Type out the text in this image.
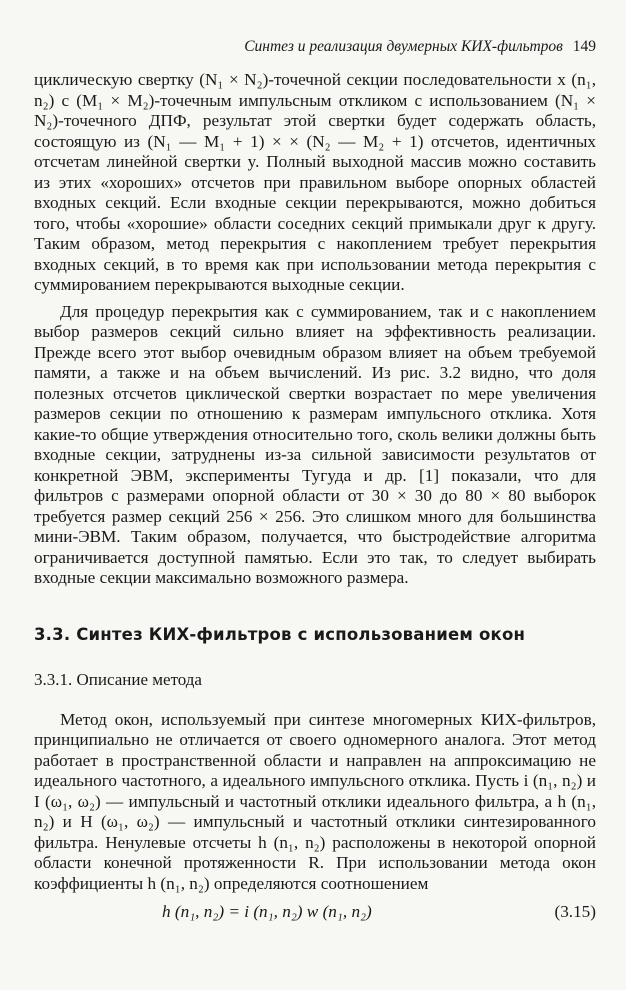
Синтез и реализация двумерных КИХ-фильтров 149

циклическую свертку (N₁ × N₂)-точечной секции последовательности x (n₁, n₂) с (M₁ × M₂)-точечным импульсным откликом с использованием (N₁ × N₂)-точечного ДПФ, результат этой свертки будет содержать область, состоящую из (N₁ — M₁ + 1) × × (N₂ — M₂ + 1) отсчетов, идентичных отсчетам линейной свертки y. Полный выходной массив можно составить из этих «хороших» отсчетов при правильном выборе опорных областей входных секций. Если входные секции перекрываются, можно добиться того, чтобы «хорошие» области соседних секций примыкали друг к другу. Таким образом, метод перекрытия с накоплением требует перекрытия входных секций, в то время как при использовании метода перекрытия с суммированием перекрываются выходные секции.

Для процедур перекрытия как с суммированием, так и с накоплением выбор размеров секций сильно влияет на эффективность реализации. Прежде всего этот выбор очевидным образом влияет на объем требуемой памяти, а также и на объем вычислений. Из рис. 3.2 видно, что доля полезных отсчетов циклической свертки возрастает по мере увеличения размеров секции по отношению к размерам импульсного отклика. Хотя какие-то общие утверждения относительно того, сколь велики должны быть входные секции, затруднены из-за сильной зависимости результатов от конкретной ЭВМ, эксперименты Тугуда и др. [1] показали, что для фильтров с размерами опорной области от 30 × 30 до 80 × 80 выборок требуется размер секций 256 × 256. Это слишком много для большинства мини-ЭВМ. Таким образом, получается, что быстродействие алгоритма ограничивается доступной памятью. Если это так, то следует выбирать входные секции максимально возможного размера.

3.3. Синтез КИХ-фильтров с использованием окон
3.3.1. Описание метода

Метод окон, используемый при синтезе многомерных КИХ-фильтров, принципиально не отличается от своего одномерного аналога. Этот метод работает в пространственной области и направлен на аппроксимацию не идеального частотного, а идеального импульсного отклика. Пусть i (n₁, n₂) и I (ω₁, ω₂) — импульсный и частотный отклики идеального фильтра, а h (n₁, n₂) и H (ω₁, ω₂) — импульсный и частотный отклики синтезированного фильтра. Ненулевые отсчеты h (n₁, n₂) расположены в некоторой опорной области конечной протяженности R. При использовании метода окон коэффициенты h (n₁, n₂) определяются соотношением

h (n₁, n₂) = i (n₁, n₂) w (n₁, n₂)	(3.15)
